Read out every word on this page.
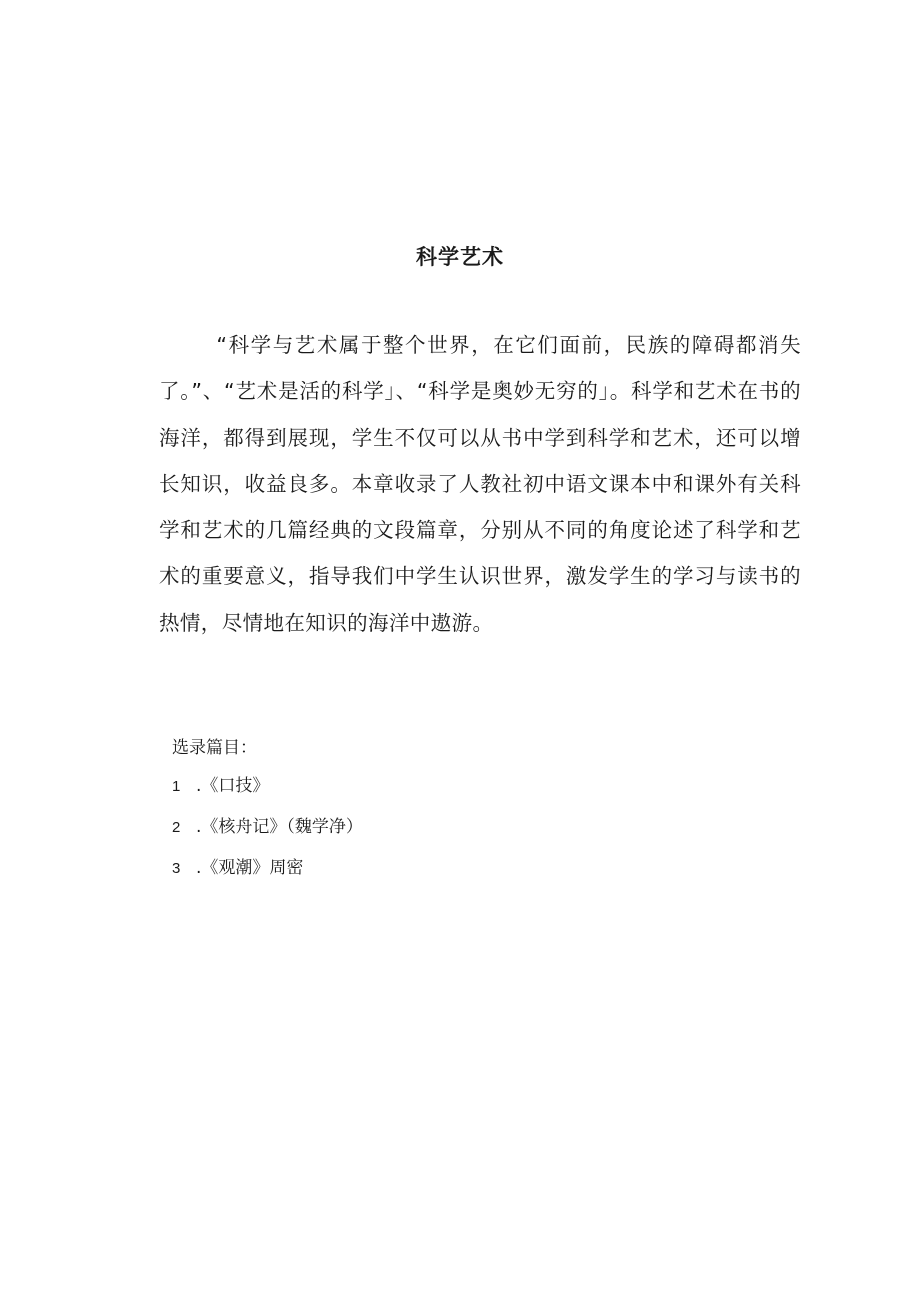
科学艺术

“科学与艺术属于整个世界，在它们面前，民族的障碍都消失了。”、“艺术是活的科学」、“科学是奥妙无穷的」。科学和艺术在书的海洋，都得到展现，学生不仅可以从书中学到科学和艺术，还可以增长知识，收益良多。本章收录了人教社初中语文课本中和课外有关科学和艺术的几篇经典的文段篇章，分别从不同的角度论述了科学和艺术的重要意义，指导我们中学生认识世界，激发学生的学习与读书的热情，尽情地在知识的海洋中遨游。

选录篇目：
1 .《口技》
2 .《核舟记》（魏学净）
3 .《观潮》周密
